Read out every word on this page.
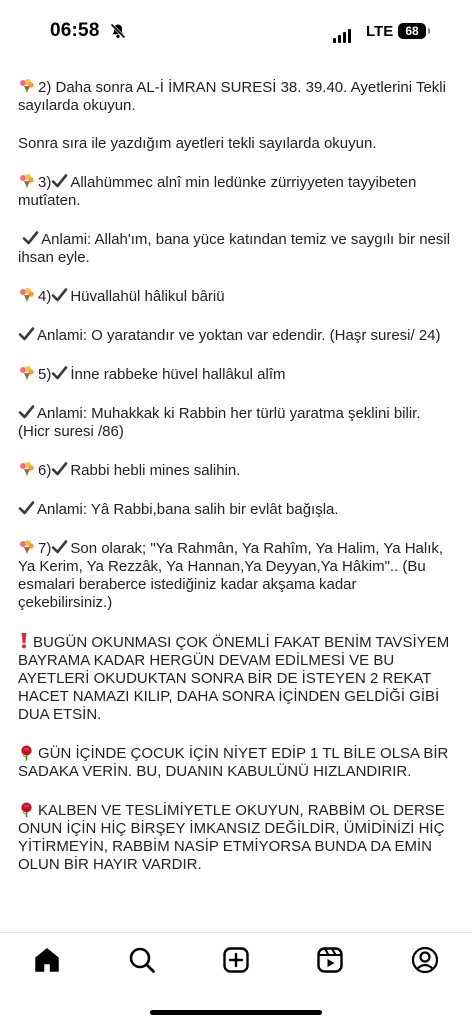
06:58	LTE	68

2) Daha sonra AL-İ İMRAN SURESİ 38. 39.40. Ayetlerini Tekli sayılarda okuyun.

Sonra sıra ile yazdığım ayetleri tekli sayılarda okuyun.

3) Allahümmec alnî min ledünke zürriyyeten tayyibeten mutîaten.

Anlami: Allah'ım, bana yüce katından temiz ve saygılı bir nesil ihsan eyle.

4) Hüvallahül hâlikul bâriü

Anlami: O yaratandır ve yoktan var edendir. (Haşr suresi/ 24)

5) İnne rabbeke hüvel hallâkul alîm

Anlami: Muhakkak ki Rabbin her türlü yaratma şeklini bilir. (Hicr suresi /86)

6) Rabbi hebli mines salihin.

Anlami: Yâ Rabbi,bana salih bir evlât bağışla.

7) Son olarak; "Ya Rahmân, Ya Rahîm, Ya Halim, Ya Halık, Ya Kerim, Ya Rezzâk, Ya Hannan,Ya Deyyan,Ya Hâkim".. (Bu esmalari beraberce istediğiniz kadar akşama kadar çekebilirsiniz.)

BUGÜN OKUNMASI ÇOK ÖNEMLİ FAKAT BENİM TAVSİYEM BAYRAMA KADAR HERGÜN DEVAM EDİLMESİ VE BU AYETLERİ OKUDUKTAN SONRA BİR DE İSTEYEN 2 REKAT HACET NAMAZI KILIP, DAHA SONRA İÇİNDEN GELDİĞİ GİBİ DUA ETSİN.

GÜN İÇİNDE ÇOCUK İÇİN NİYET EDİP 1 TL BİLE OLSA BİR SADAKA VERİN. BU, DUANIN KABULÜNÜ HIZLANDIRIR.

KALBEN VE TESLİMİYETLE OKUYUN, RABBİM OL DERSE ONUN İÇİN HİÇ BİRŞEY İMKANSIZ DEĞİLDİR, ÜMİDİNİZİ HİÇ YİTİRMEYİN, RABBİM NASİP ETMİYORSA BUNDA DA EMİN OLUN BİR HAYIR VARDIR.
